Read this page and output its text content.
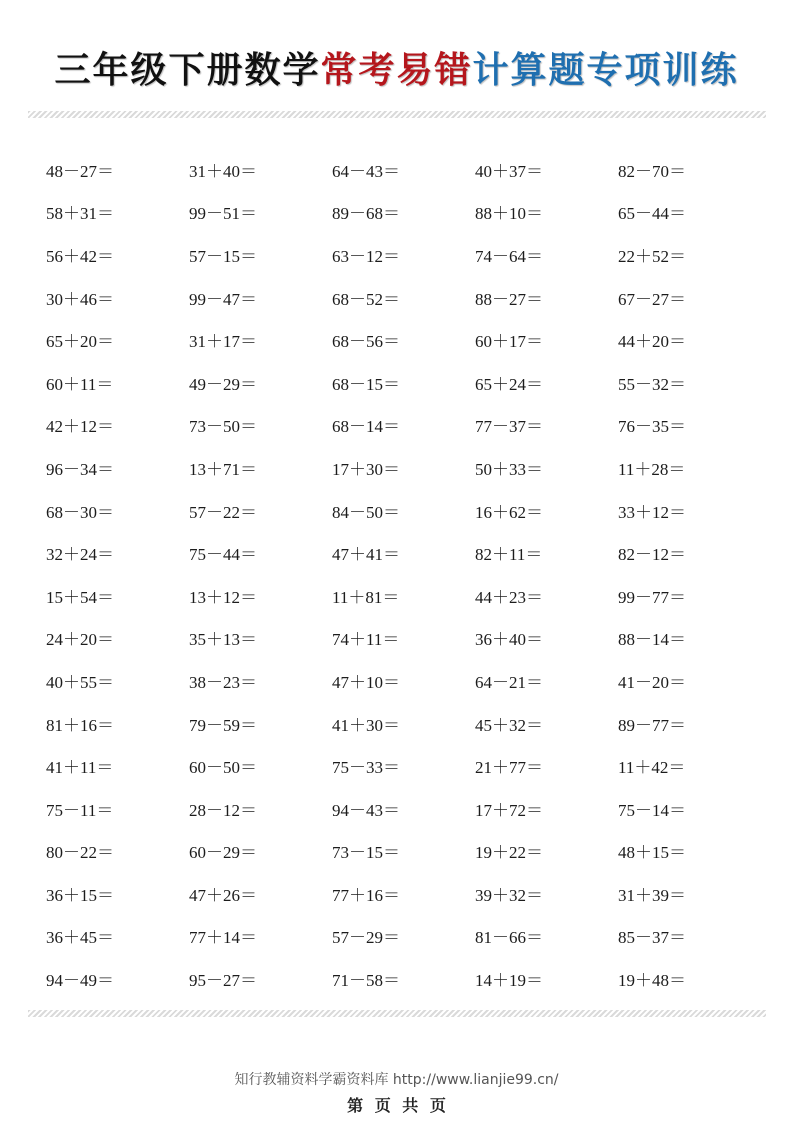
三年级下册数学常考易错计算题专项训练
48－27＝	31＋40＝	64－43＝	40＋37＝	82－70＝
58＋31＝	99－51＝	89－68＝	88＋10＝	65－44＝
56＋42＝	57－15＝	63－12＝	74－64＝	22＋52＝
30＋46＝	99－47＝	68－52＝	88－27＝	67－27＝
65＋20＝	31＋17＝	68－56＝	60＋17＝	44＋20＝
60＋11＝	49－29＝	68－15＝	65＋24＝	55－32＝
42＋12＝	73－50＝	68－14＝	77－37＝	76－35＝
96－34＝	13＋71＝	17＋30＝	50＋33＝	11＋28＝
68－30＝	57－22＝	84－50＝	16＋62＝	33＋12＝
32＋24＝	75－44＝	47＋41＝	82＋11＝	82－12＝
15＋54＝	13＋12＝	11＋81＝	44＋23＝	99－77＝
24＋20＝	35＋13＝	74＋11＝	36＋40＝	88－14＝
40＋55＝	38－23＝	47＋10＝	64－21＝	41－20＝
81＋16＝	79－59＝	41＋30＝	45＋32＝	89－77＝
41＋11＝	60－50＝	75－33＝	21＋77＝	11＋42＝
75－11＝	28－12＝	94－43＝	17＋72＝	75－14＝
80－22＝	60－29＝	73－15＝	19＋22＝	48＋15＝
36＋15＝	47＋26＝	77＋16＝	39＋32＝	31＋39＝
36＋45＝	77＋14＝	57－29＝	81－66＝	85－37＝
94－49＝	95－27＝	71－58＝	14＋19＝	19＋48＝
知行教辅资料学霸资料库 http://www.lianjie99.cn/
第 页 共 页
